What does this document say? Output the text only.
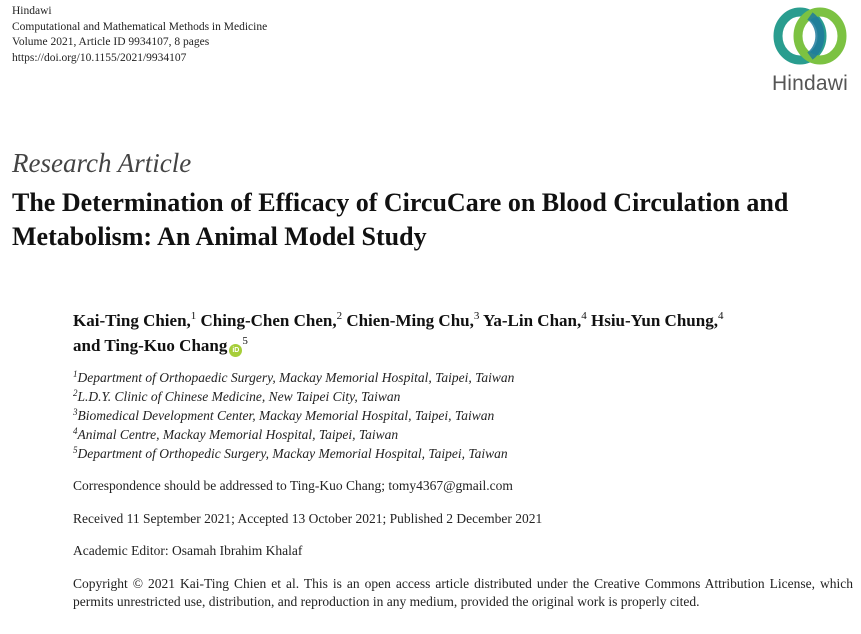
Hindawi
Computational and Mathematical Methods in Medicine
Volume 2021, Article ID 9934107, 8 pages
https://doi.org/10.1155/2021/9934107
Hindawi
Research Article
The Determination of Efficacy of CircuCare on Blood Circulation and Metabolism: An Animal Model Study
Kai-Ting Chien,$^1$ Ching-Chen Chen,$^2$ Chien-Ming Chu,$^3$ Ya-Lin Chan,$^4$ Hsiu-Yun Chung,$^4$
and Ting-Kuo Chang $iD^5$
$^1$Department of Orthopaedic Surgery, Mackay Memorial Hospital, Taipei, Taiwan
$^2$L.D.Y. Clinic of Chinese Medicine, New Taipei City, Taiwan
$^3$Biomedical Development Center, Mackay Memorial Hospital, Taipei, Taiwan
$^4$Animal Centre, Mackay Memorial Hospital, Taipei, Taiwan
$^5$Department of Orthopedic Surgery, Mackay Memorial Hospital, Taipei, Taiwan
Correspondence should be addressed to Ting-Kuo Chang; tomy4367@gmail.com
Received 11 September 2021; Accepted 13 October 2021; Published 2 December 2021
Academic Editor: Osamah Ibrahim Khalaf
Copyright © 2021 Kai-Ting Chien et al. This is an open access article distributed under the Creative Commons Attribution License, which permits unrestricted use, distribution, and reproduction in any medium, provided the original work is properly cited.
